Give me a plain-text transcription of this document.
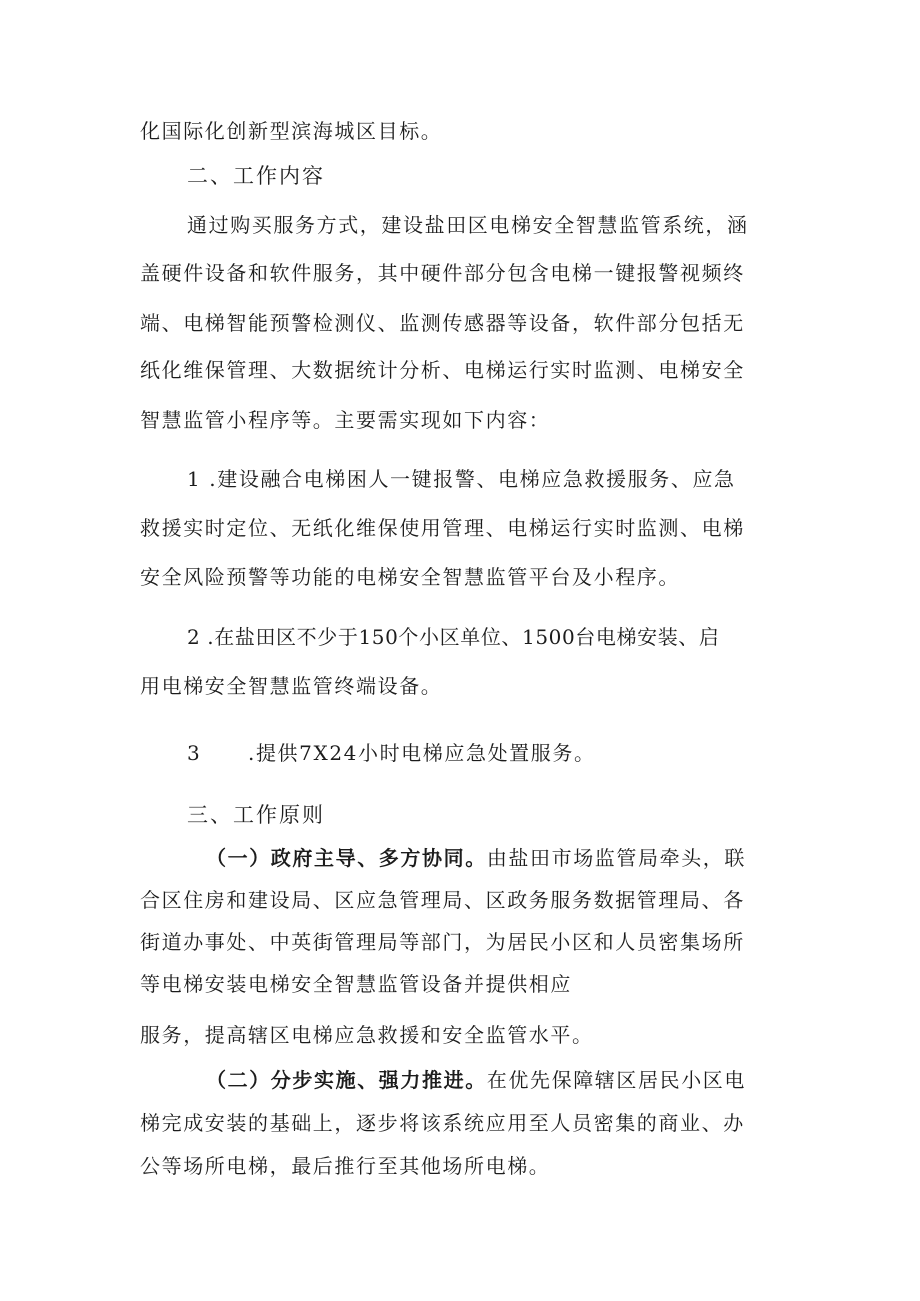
化国际化创新型滨海城区目标。
二、工作内容
通过购买服务方式，建设盐田区电梯安全智慧监管系统，涵
盖硬件设备和软件服务，其中硬件部分包含电梯一键报警视频终
端、电梯智能预警检测仪、监测传感器等设备，软件部分包括无
纸化维保管理、大数据统计分析、电梯运行实时监测、电梯安全
智慧监管小程序等。主要需实现如下内容：
1 .建设融合电梯困人一键报警、电梯应急救援服务、应急
救援实时定位、无纸化维保使用管理、电梯运行实时监测、电梯
安全风险预警等功能的电梯安全智慧监管平台及小程序。
2 .在盐田区不少于150个小区单位、1500台电梯安装、启
用电梯安全智慧监管终端设备。
3 .提供7X24小时电梯应急处置服务。
三、工作原则
（一）政府主导、多方协同。由盐田市场监管局牵头，联
合区住房和建设局、区应急管理局、区政务服务数据管理局、各
街道办事处、中英街管理局等部门，为居民小区和人员密集场所
等电梯安装电梯安全智慧监管设备并提供相应
服务，提高辖区电梯应急救援和安全监管水平。
（二）分步实施、强力推进。在优先保障辖区居民小区电
梯完成安装的基础上，逐步将该系统应用至人员密集的商业、办
公等场所电梯，最后推行至其他场所电梯。
